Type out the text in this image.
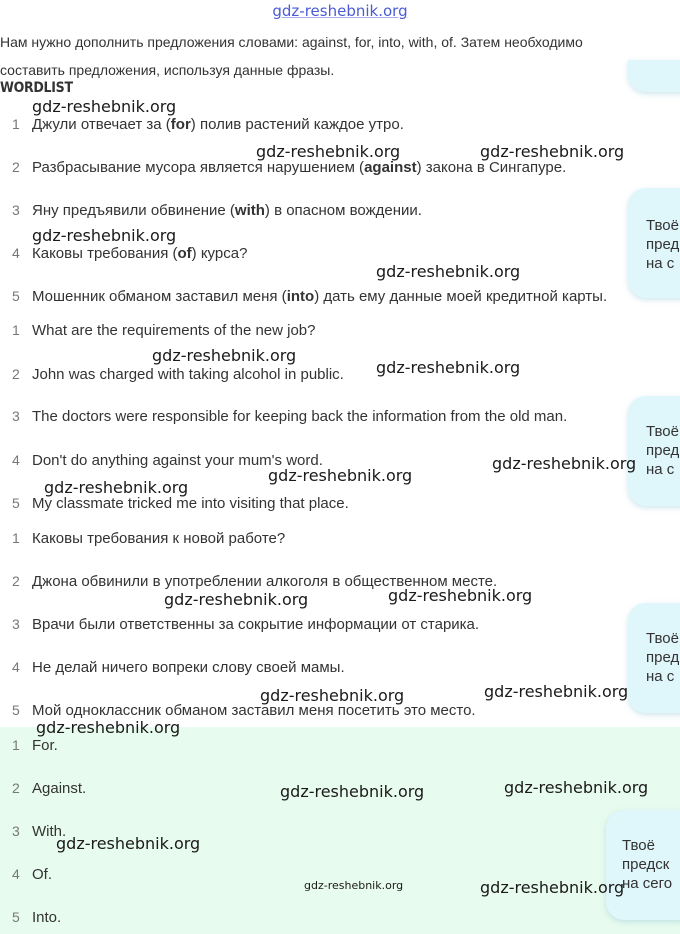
gdz-reshebnik.org
Нам нужно дополнить предложения словами: against, for, into, with, of. Затем необходимо
составить предложения, используя данные фразы.
WORDLIST
1 Джули отвечает за (for) полив растений каждое утро.
2 Разбрасывание мусора является нарушением (against) закона в Сингапуре.
3 Яну предъявили обвинение (with) в опасном вождении.
4 Каковы требования (of) курса?
5 Мошенник обманом заставил меня (into) дать ему данные моей кредитной карты.
1 What are the requirements of the new job?
2 John was charged with taking alcohol in public.
3 The doctors were responsible for keeping back the information from the old man.
4 Don't do anything against your mum's word.
5 My classmate tricked me into visiting that place.
1 Каковы требования к новой работе?
2 Джона обвинили в употреблении алкоголя в общественном месте.
3 Врачи были ответственны за сокрытие информации от старика.
4 Не делай ничего вопреки слову своей мамы.
5 Мой одноклассник обманом заставил меня посетить это место.
1 For.
2 Against.
3 With.
4 Of.
5 Into.
Твоё
пред
на с
Твоё
пред
на с
Твоё
пред
на с
Твоё
предск
на сего
gdz-reshebnik.org
gdz-reshebnik.org	gdz-reshebnik.org
gdz-reshebnik.org
gdz-reshebnik.org
gdz-reshebnik.org
gdz-reshebnik.org
gdz-reshebnik.org
gdz-reshebnik.org
gdz-reshebnik.org
gdz-reshebnik.org
gdz-reshebnik.org
gdz-reshebnik.org
gdz-reshebnik.org
gdz-reshebnik.org
gdz-reshebnik.org
gdz-reshebnik.org
gdz-reshebnik.org
gdz-reshebnik.org
gdz-reshebnik.org
